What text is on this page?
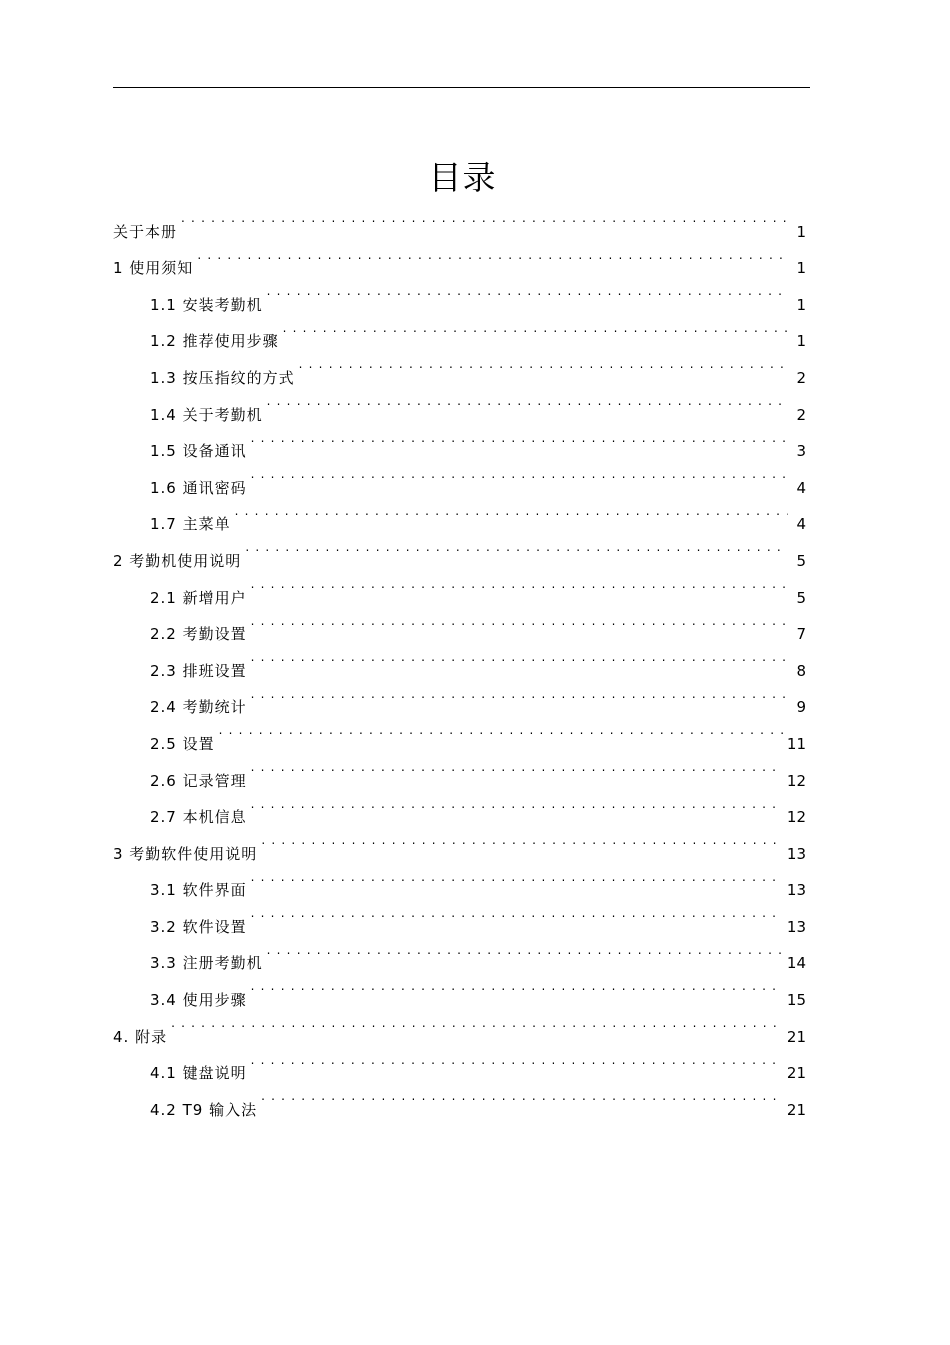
目录
关于本册 . . .	1
1 使用须知 . . .	1
1.1 安装考勤机 . . .	1
1.2 推荐使用步骤 . . .	1
1.3 按压指纹的方式 . . .	2
1.4 关于考勤机 . . .	2
1.5 设备通讯 . . .	3
1.6 通讯密码 . . .	4
1.7 主菜单 . . .	4
2 考勤机使用说明 . . .	5
2.1 新增用户 . . .	5
2.2 考勤设置 . . .	7
2.3 排班设置 . . .	8
2.4 考勤统计 . . .	9
2.5 设置 . . .	11
2.6 记录管理 . . .	12
2.7 本机信息 . . .	12
3 考勤软件使用说明 . . .	13
3.1 软件界面 . . .	13
3.2 软件设置 . . .	13
3.3 注册考勤机 . . .	14
3.4 使用步骤 . . .	15
4. 附录 . . .	21
4.1 键盘说明 . . .	21
4.2 T9 输入法 . . .	21
